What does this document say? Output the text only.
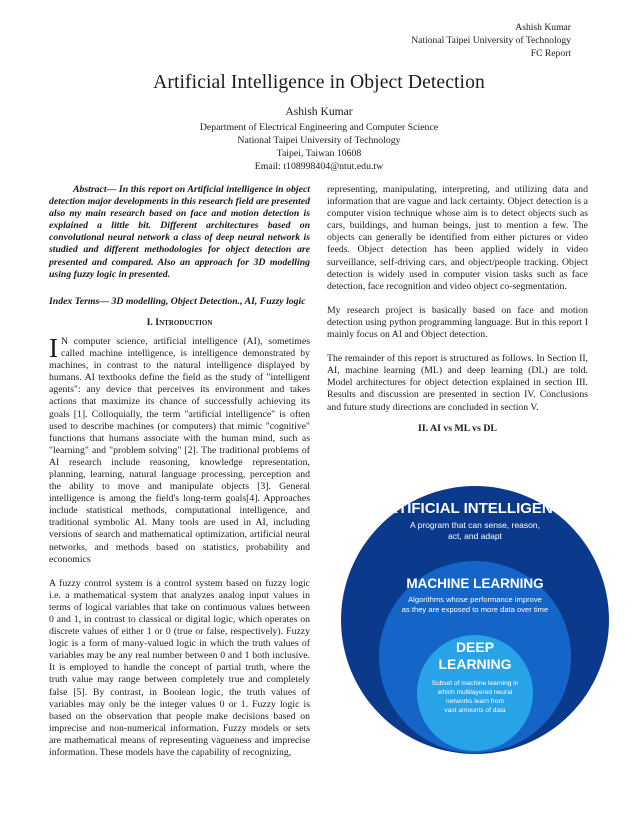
Ashish Kumar
National Taipei University of Technology
FC Report
Artificial Intelligence in Object Detection
Ashish Kumar
Department of Electrical Engineering and Computer Science
National Taipei University of Technology
Taipei, Taiwan 10608
Email: t108998404@ntut.edu.tw

Abstract— In this report on Artificial intelligence in object detection major developments in this research field are presented also my main research based on face and motion detection is explained a little bit. Different architectures based on convolutional neural network a class of deep neural network is studied and different methodologies for object detection are presented and compared. Also an approach for 3D modelling using fuzzy logic in presented.

Index Terms— 3D modelling, Object Detection., AI, Fuzzy logic

I. Introduction

I N computer science, artificial intelligence (AI), sometimes called machine intelligence, is intelligence demonstrated by machines, in contrast to the natural intelligence displayed by humans. AI textbooks define the field as the study of "intelligent agents": any device that perceives its environment and takes actions that maximize its chance of successfully achieving its goals [1]. Colloquially, the term "artificial intelligence" is often used to describe machines (or computers) that mimic "cognitive" functions that humans associate with the human mind, such as "learning" and "problem solving" [2]. The traditional problems of AI research include reasoning, knowledge representation, planning, learning, natural language processing, perception and the ability to move and manipulate objects [3]. General intelligence is among the field's long-term goals[4]. Approaches include statistical methods, computational intelligence, and traditional symbolic AI. Many tools are used in AI, including versions of search and mathematical optimization, artificial neural networks, and methods based on statistics, probability and economics

A fuzzy control system is a control system based on fuzzy logic i.e. a mathematical system that analyzes analog input values in terms of logical variables that take on continuous values between 0 and 1, in contrast to classical or digital logic, which operates on discrete values of either 1 or 0 (true or false, respectively). Fuzzy logic is a form of many-valued logic in which the truth values of variables may be any real number between 0 and 1 both inclusive. It is employed to handle the concept of partial truth, where the truth value may range between completely true and completely false [5]. By contrast, in Boolean logic, the truth values of variables may only be the integer values 0 or 1. Fuzzy logic is based on the observation that people make decisions based on imprecise and non-numerical information. Fuzzy models or sets are mathematical means of representing vagueness and imprecise information. These models have the capability of recognizing,

representing, manipulating, interpreting, and utilizing data and information that are vague and lack certainty. Object detection is a computer vision technique whose aim is to detect objects such as cars, buildings, and human beings, just to mention a few. The objects can generally be identified from either pictures or video feeds. Object detection has been applied widely in video surveillance, self-driving cars, and object/people tracking. Object detection is widely used in computer vision tasks such as face detection, face recognition and video object co-segmentation.

My research project is basically based on face and motion detection using python programming language. But in this report I mainly focus on AI and Object detection.

The remainder of this report is structured as follows. In Section II, AI, machine learning (ML) and deep learning (DL) are told. Model architectures for object detection explained in section III. Results and discussion are presented in section IV. Conclusions and future study directions are concluded in section V.

II. AI vs ML vs DL
ARTIFICIAL INTELLIGENCE
A program that can sense, reason,
act, and adapt
MACHINE LEARNING
Algorithms whose performance improve
as they are exposed to more data over time
DEEP
LEARNING
Subset of machine learning in
which multilayered neural
networks learn from
vast amounts of data
